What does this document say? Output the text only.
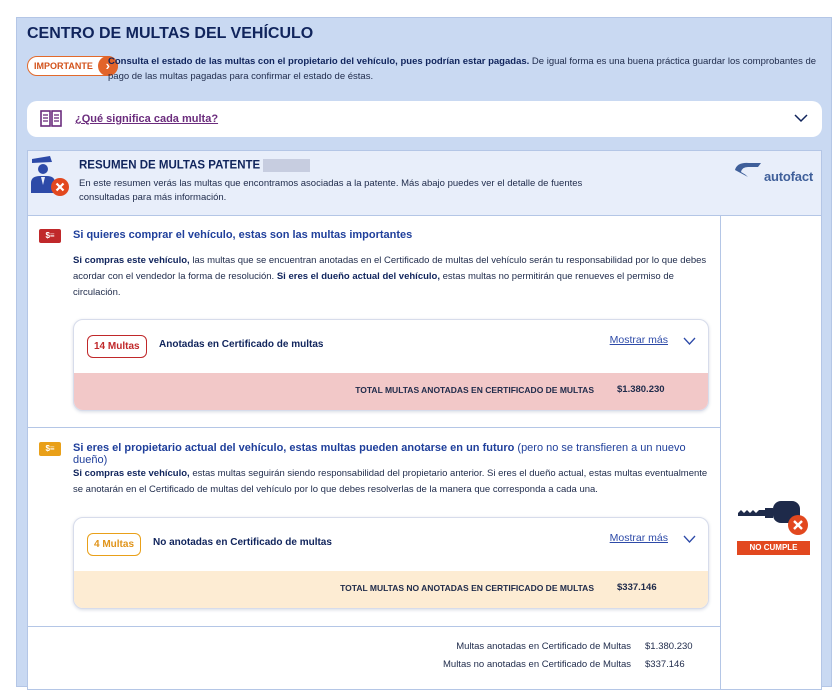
CENTRO DE MULTAS DEL VEHÍCULO
IMPORTANTE ›
Consulta el estado de las multas con el propietario del vehículo, pues podrían estar pagadas. De igual forma es una buena práctica guardar los comprobantes de pago de las multas pagadas para confirmar el estado de éstas.
¿Qué significa cada multa?
RESUMEN DE MULTAS PATENTE
En este resumen verás las multas que encontramos asociadas a la patente. Más abajo puedes ver el detalle de fuentes consultadas para más información.
autofact
$≡	Si quieres comprar el vehículo, estas son las multas importantes
Si compras este vehículo, las multas que se encuentran anotadas en el Certificado de multas del vehículo serán tu responsabilidad por lo que debes acordar con el vendedor la forma de resolución. Si eres el dueño actual del vehículo, estas multas no permitirán que renueves el permiso de circulación.
14 Multas	Anotadas en Certificado de multas	Mostrar más
TOTAL MULTAS ANOTADAS EN CERTIFICADO DE MULTAS $1.380.230
$≡	Si eres el propietario actual del vehículo, estas multas pueden anotarse en un futuro (pero no se transfieren a un nuevo dueño)
Si compras este vehículo, estas multas seguirán siendo responsabilidad del propietario anterior. Si eres el dueño actual, estas multas eventualmente se anotarán en el Certificado de multas del vehículo por lo que debes resolverlas de la manera que corresponda a cada una.
4 Multas	No anotadas en Certificado de multas	Mostrar más
TOTAL MULTAS NO ANOTADAS EN CERTIFICADO DE MULTAS $337.146
Multas anotadas en Certificado de Multas $1.380.230
Multas no anotadas en Certificado de Multas $337.146
NO CUMPLE
